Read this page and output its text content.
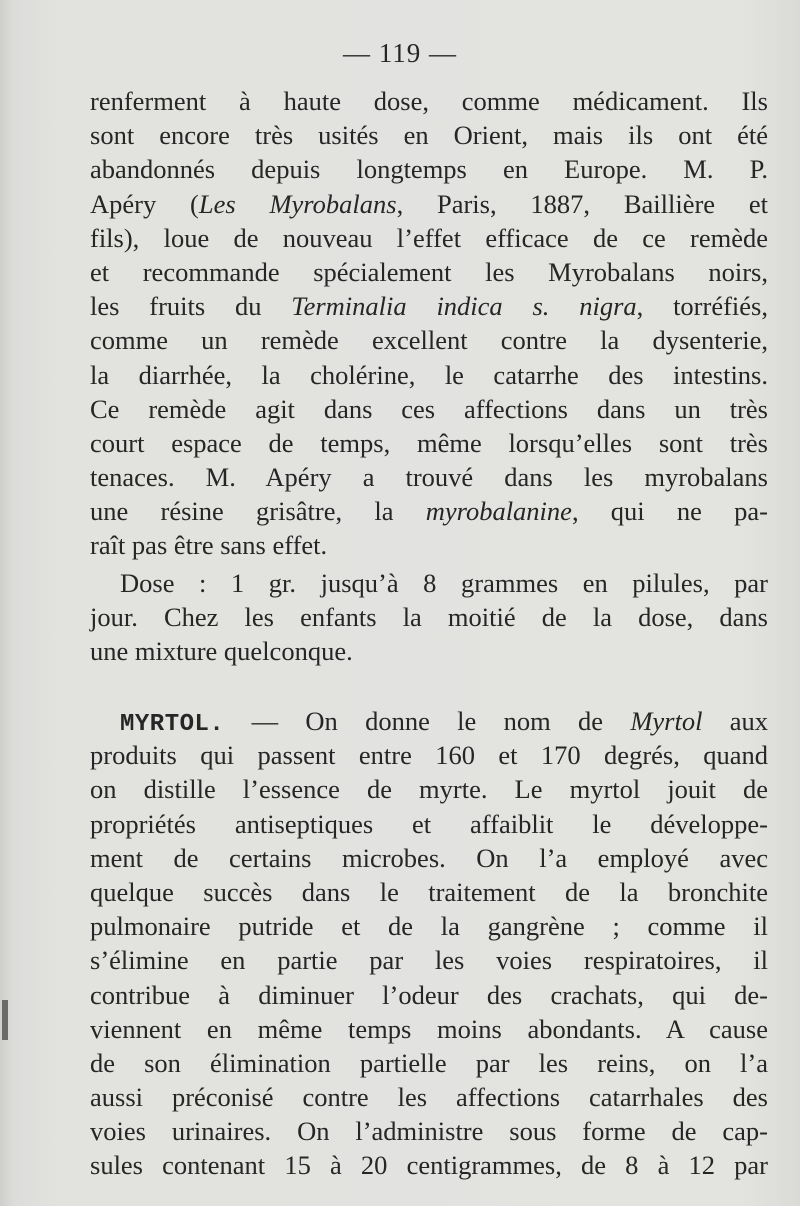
— 119 —
renferment à haute dose, comme médicament. Ils
sont encore très usités en Orient, mais ils ont été
abandonnés depuis longtemps en Europe. M. P.
Apéry (Les Myrobalans, Paris, 1887, Baillière et
fils), loue de nouveau l’effet efficace de ce remède
et recommande spécialement les Myrobalans noirs,
les fruits du Terminalia indica s. nigra, torréfiés,
comme un remède excellent contre la dysenterie,
la diarrhée, la cholérine, le catarrhe des intestins.
Ce remède agit dans ces affections dans un très
court espace de temps, même lorsqu’elles sont très
tenaces. M. Apéry a trouvé dans les myrobalans
une résine grisâtre, la myrobalanine, qui ne pa-
raît pas être sans effet.
Dose : 1 gr. jusqu’à 8 grammes en pilules, par
jour. Chez les enfants la moitié de la dose, dans
une mixture quelconque.
MYRTOL. — On donne le nom de Myrtol aux
produits qui passent entre 160 et 170 degrés, quand
on distille l’essence de myrte. Le myrtol jouit de
propriétés antiseptiques et affaiblit le développe-
ment de certains microbes. On l’a employé avec
quelque succès dans le traitement de la bronchite
pulmonaire putride et de la gangrène ; comme il
s’élimine en partie par les voies respiratoires, il
contribue à diminuer l’odeur des crachats, qui de-
viennent en même temps moins abondants. A cause
de son élimination partielle par les reins, on l’a
aussi préconisé contre les affections catarrhales des
voies urinaires. On l’administre sous forme de cap-
sules contenant 15 à 20 centigrammes, de 8 à 12 par
